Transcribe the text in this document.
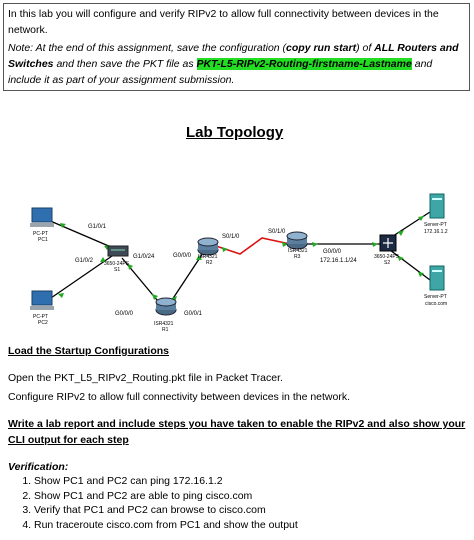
In this lab you will configure and verify RIPv2 to allow full connectivity between devices in the network.

Note: At the end of this assignment, save the configuration (copy run start) of ALL Routers and Switches and then save the PKT file as PKT-L5-RIPv2-Routing-firstname-Lastname and include it as part of your assignment submission.

Lab Topology
PC-PT
PC1
PC-PT
PC2
3650-24PS
S1
ISR4321
R1
ISR4321
R2
ISR4321
R3	3650-24PS
S2
Server-PT
172.16.1.2
Server-PT
cisco.com
G1/0/1
G1/0/2
G1/0/24	G0/0/0
S0/1/0
S0/1/0
G0/0/0
172.16.1.1/24
G0/0/0	G0/0/1

Load the Startup Configurations

Open the PKT_L5_RIPv2_Routing.pkt file in Packet Tracer.

Configure RIPv2 to allow full connectivity between devices in the network.

Write a lab report and include steps you have taken to enable the RIPv2 and also show your CLI output for each step

Verification:

1. Show PC1 and PC2 can ping 172.16.1.2
2. Show PC1 and PC2 are able to ping cisco.com
3. Verify that PC1 and PC2 can browse to cisco.com
4. Run traceroute cisco.com from PC1 and show the output
